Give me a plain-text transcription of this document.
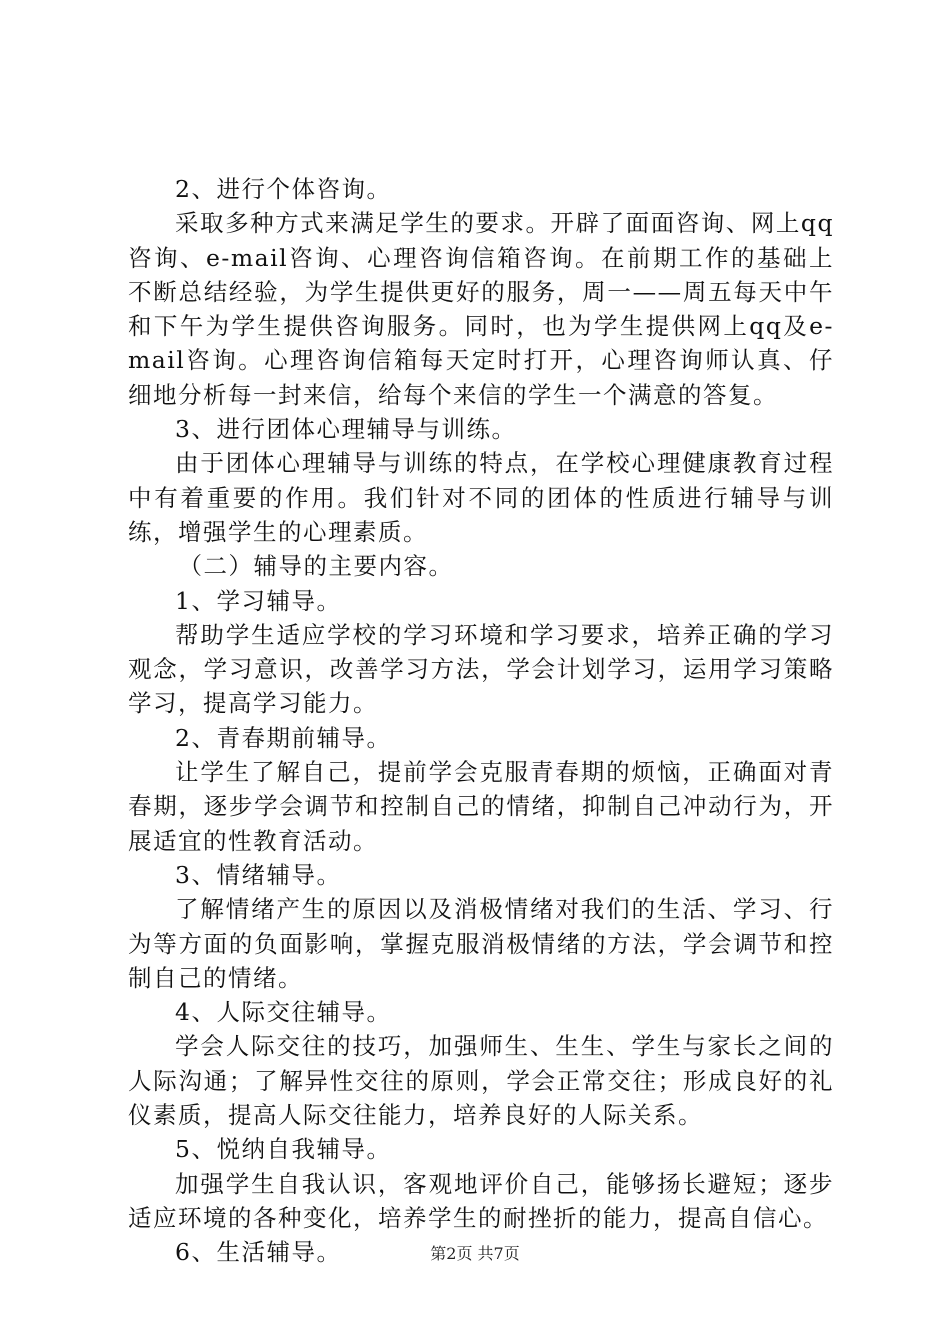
2、进行个体咨询。

采取多种方式来满足学生的要求。开辟了面面咨询、网上qq咨询、e-mail咨询、心理咨询信箱咨询。在前期工作的基础上不断总结经验，为学生提供更好的服务，周一——周五每天中午和下午为学生提供咨询服务。同时，也为学生提供网上qq及e-mail咨询。心理咨询信箱每天定时打开，心理咨询师认真、仔细地分析每一封来信，给每个来信的学生一个满意的答复。

3、进行团体心理辅导与训练。

由于团体心理辅导与训练的特点，在学校心理健康教育过程中有着重要的作用。我们针对不同的团体的性质进行辅导与训练，增强学生的心理素质。

（二）辅导的主要内容。

1、学习辅导。

帮助学生适应学校的学习环境和学习要求，培养正确的学习观念，学习意识，改善学习方法，学会计划学习，运用学习策略学习，提高学习能力。

2、青春期前辅导。

让学生了解自己，提前学会克服青春期的烦恼，正确面对青春期，逐步学会调节和控制自己的情绪，抑制自己冲动行为，开展适宜的性教育活动。

3、情绪辅导。

了解情绪产生的原因以及消极情绪对我们的生活、学习、行为等方面的负面影响，掌握克服消极情绪的方法，学会调节和控制自己的情绪。

4、人际交往辅导。

学会人际交往的技巧，加强师生、生生、学生与家长之间的人际沟通；了解异性交往的原则，学会正常交往；形成良好的礼仪素质，提高人际交往能力，培养良好的人际关系。

5、悦纳自我辅导。

加强学生自我认识，客观地评价自己，能够扬长避短；逐步适应环境的各种变化，培养学生的耐挫折的能力，提高自信心。

6、生活辅导。	第2页 共7页
